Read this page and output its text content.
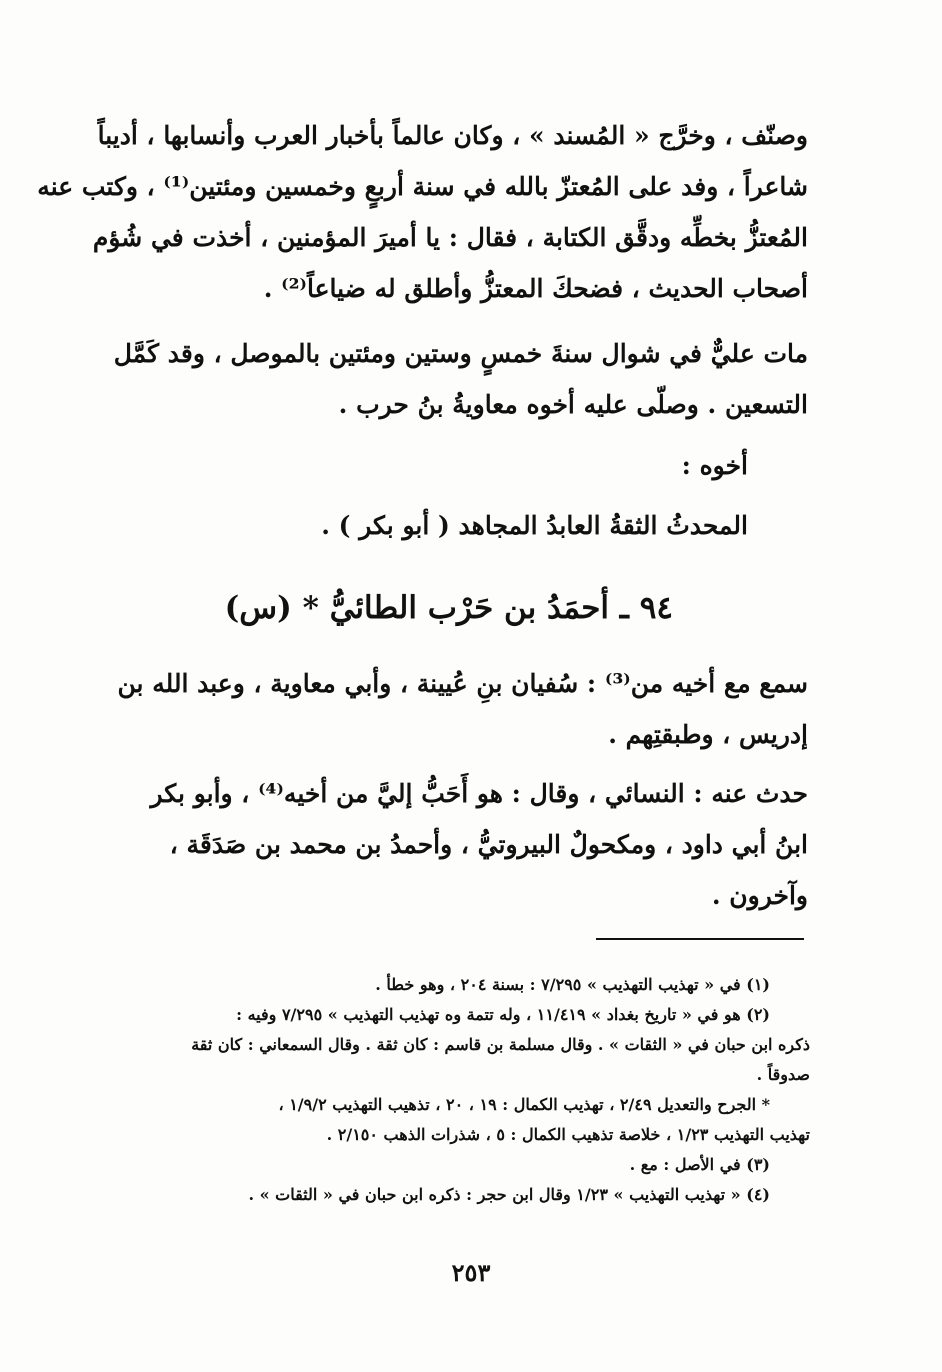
وصنّف ، وخرَّج « المُسند » ، وكان عالماً بأخبار العرب وأنسابها ، أديباً
شاعراً ، وفد على المُعتزّ بالله في سنة أربعٍ وخمسين ومئتين⁽¹⁾ ، وكتب عنه
المُعتزُّ بخطِّه ودقَّق الكتابة ، فقال : يا أميرَ المؤمنين ، أخذت في شُؤم
أصحاب الحديث ، فضحكَ المعتزُّ وأطلق له ضياعاً⁽²⁾ .
مات عليٌّ في شوال سنةَ خمسٍ وستين ومئتين بالموصل ، وقد كَمَّل
التسعين . وصلّى عليه أخوه معاويةُ بنُ حرب .
أخوه :
المحدثُ الثقةُ العابدُ المجاهد ( أبو بكر ) .
٩٤ ـ أحمَدُ بن حَرْب الطائيُّ * (س)
سمع مع أخيه من⁽³⁾ : سُفيان بنِ عُيينة ، وأبي معاوية ، وعبد الله بن
إدريس ، وطبقتِهم .
حدث عنه : النسائي ، وقال : هو أَحَبُّ إليَّ من أخيه⁽⁴⁾ ، وأبو بكر
ابنُ أبي داود ، ومكحولٌ البيروتيُّ ، وأحمدُ بن محمد بن صَدَقَة ،
وآخرون .
(١) في « تهذيب التهذيب » ٧/٢٩٥ : بسنة ٢٠٤ ، وهو خطأ .
(٢) هو في « تاريخ بغداد » ١١/٤١٩ ، وله تتمة وه تهذيب التهذيب » ٧/٢٩٥ وفيه :
ذكره ابن حبان في « الثقات » . وقال مسلمة بن قاسم : كان ثقة . وقال السمعاني : كان ثقة
صدوقاً .
* الجرح والتعديل ٢/٤٩ ، تهذيب الكمال : ١٩ ، ٢٠ ، تذهيب التهذيب ١/٩/٢ ،
تهذيب التهذيب ١/٢٣ ، خلاصة تذهيب الكمال : ٥ ، شذرات الذهب ٢/١٥٠ .
(٣) في الأصل : مع .
(٤) « تهذيب التهذيب » ١/٢٣ وقال ابن حجر : ذكره ابن حبان في « الثقات » .
٢٥٣
